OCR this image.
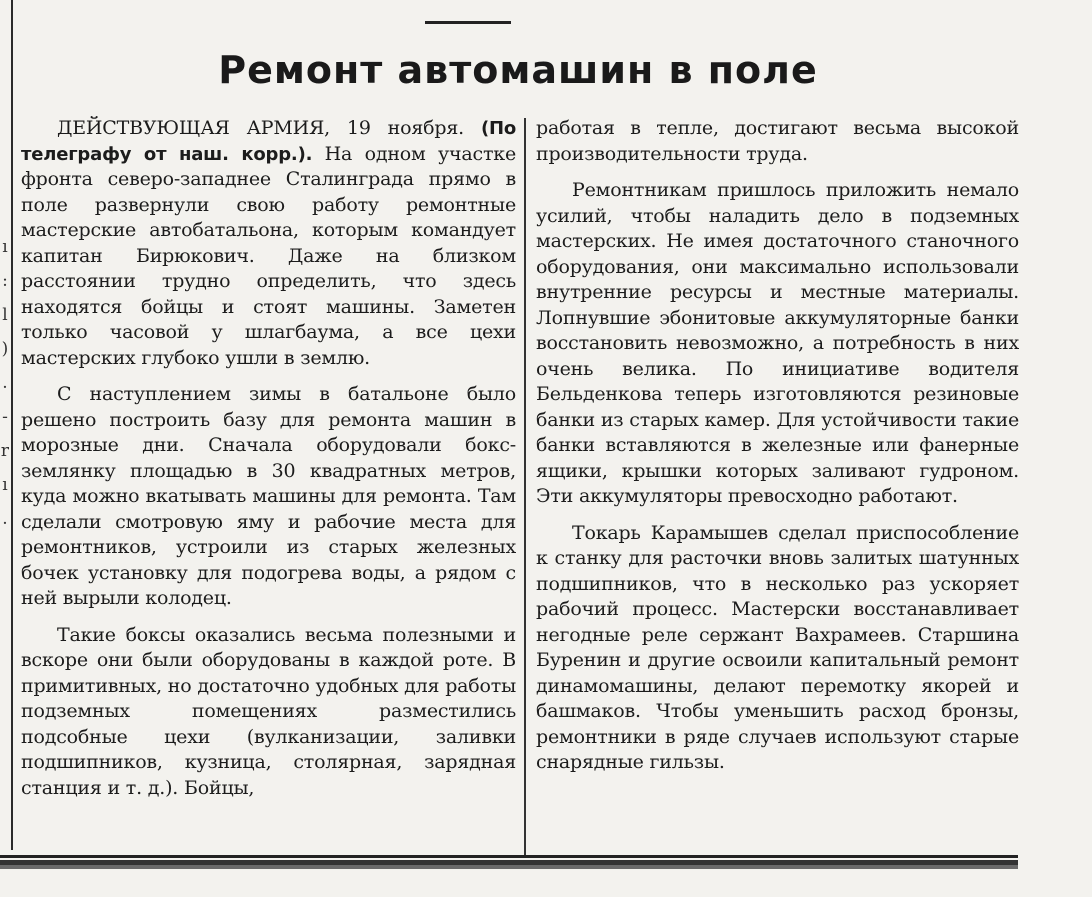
ı
:
l
)
.
-
r
ı
.
Ремонт автомашин в поле

ДЕЙСТВУЮЩАЯ АРМИЯ, 19 ноября. (По телеграфу от наш. корр.). На одном участке фронта северо-западнее Сталинграда прямо в поле развернули свою работу ремонтные мастерские автобатальона, которым командует капитан Бирюкович. Даже на близком расстоянии трудно определить, что здесь находятся бойцы и стоят машины. Заметен только часовой у шлагбаума, а все цехи мастерских глубоко ушли в землю.

С наступлением зимы в батальоне было решено построить базу для ремонта машин в морозные дни. Сначала оборудовали бокс-землянку площадью в 30 квадратных метров, куда можно вкатывать машины для ремонта. Там сделали смотровую яму и рабочие места для ремонтников, устроили из старых железных бочек установку для подогрева воды, а рядом с ней вырыли колодец.

Такие боксы оказались весьма полезными и вскоре они были оборудованы в каждой роте. В примитивных, но достаточно удобных для работы подземных помещениях разместились подсобные цехи (вулканизации, заливки подшипников, кузница, столярная, зарядная станция и т. д.). Бойцы,

работая в тепле, достигают весьма высокой производительности труда.

Ремонтникам пришлось приложить немало усилий, чтобы наладить дело в подземных мастерских. Не имея достаточного станочного оборудования, они максимально использовали внутренние ресурсы и местные материалы. Лопнувшие эбонитовые аккумуляторные банки восстановить невозможно, а потребность в них очень велика. По инициативе водителя Бельденкова теперь изготовляются резиновые банки из старых камер. Для устойчивости такие банки вставляются в железные или фанерные ящики, крышки которых заливают гудроном. Эти аккумуляторы превосходно работают.

Токарь Карамышев сделал приспособление к станку для расточки вновь залитых шатунных подшипников, что в несколько раз ускоряет рабочий процесс. Мастерски восстанавливает негодные реле сержант Вахрамеев. Старшина Буренин и другие освоили капитальный ремонт динамомашины, делают перемотку якорей и башмаков. Чтобы уменьшить расход бронзы, ремонтники в ряде случаев используют старые снарядные гильзы.
